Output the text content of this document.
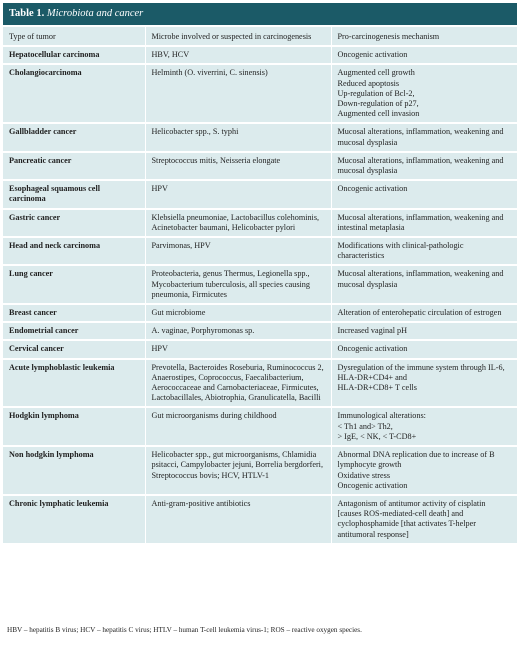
Table 1. Microbiota and cancer
Type of tumor	Microbe involved or suspected in carcinogenesis	Pro-carcinogenesis mechanism
Hepatocellular carcinoma	HBV, HCV	Oncogenic activation

Cholangiocarcinoma	Helminth (O. viverrini, C. sinensis)	Augmented cell growth
Reduced apoptosis
Up-regulation of Bcl-2,
Down-regulation of p27,
Augmented cell invasion

Gallbladder cancer	Helicobacter spp., S. typhi	Mucosal alterations, inflammation, weakening and mucosal dysplasia

Pancreatic cancer	Streptococcus mitis, Neisseria elongate	Mucosal alterations, inflammation, weakening and mucosal dysplasia

Esophageal squamous cell carcinoma	HPV	Oncogenic activation

Gastric cancer	Klebsiella pneumoniae, Lactobacillus colehominis, Acinetobacter baumani, Helicobacter pylori	Mucosal alterations, inflammation, weakening and intestinal metaplasia

Head and neck carcinoma	Parvimonas, HPV	Modifications with clinical-pathologic characteristics

Lung cancer	Proteobacteria, genus Thermus, Legionella spp., Mycobacterium tuberculosis, all species causing pneumonia, Firmicutes	Mucosal alterations, inflammation, weakening and mucosal dysplasia

Breast cancer	Gut microbiome	Alteration of enterohepatic circulation of estrogen

Endometrial cancer	A. vaginae, Porphyromonas sp.	Increased vaginal pH

Cervical cancer	HPV	Oncogenic activation

Acute lymphoblastic leukemia	Prevotella, Bacteroides Roseburia, Ruminococcus 2, Anaerostipes, Coprococcus, Faecalibacterium, Aerococcaceae and Carnobacteriaceae, Firmicutes, Lactobacillales, Abiotrophia, Granulicatella, Bacilli	Dysregulation of the immune system through IL-6,
HLA-DR+CD4+ and
HLA-DR+CD8+ T cells

Hodgkin lymphoma	Gut microorganisms during childhood	Immunological alterations:
< Th1 and> Th2,
> IgE, < NK, < T-CD8+

Non hodgkin lymphoma	Helicobacter spp., gut microorganisms, Chlamidia psitacci, Campylobacter jejuni, Borrelia bergdorferi, Streptococcus bovis; HCV, HTLV-1	Abnormal DNA replication due to increase of B lymphocyte growth
Oxidative stress
Oncogenic activation

Chronic lymphatic leukemia	Anti-gram-positive antibiotics	Antagonism of antitumor activity of cisplatin [causes ROS-mediated-cell death] and cyclophosphamide [that activates T-helper antitumoral response]
HBV – hepatitis B virus; HCV – hepatitis C virus; HTLV – human T-cell leukemia virus-1; ROS – reactive oxygen species.
